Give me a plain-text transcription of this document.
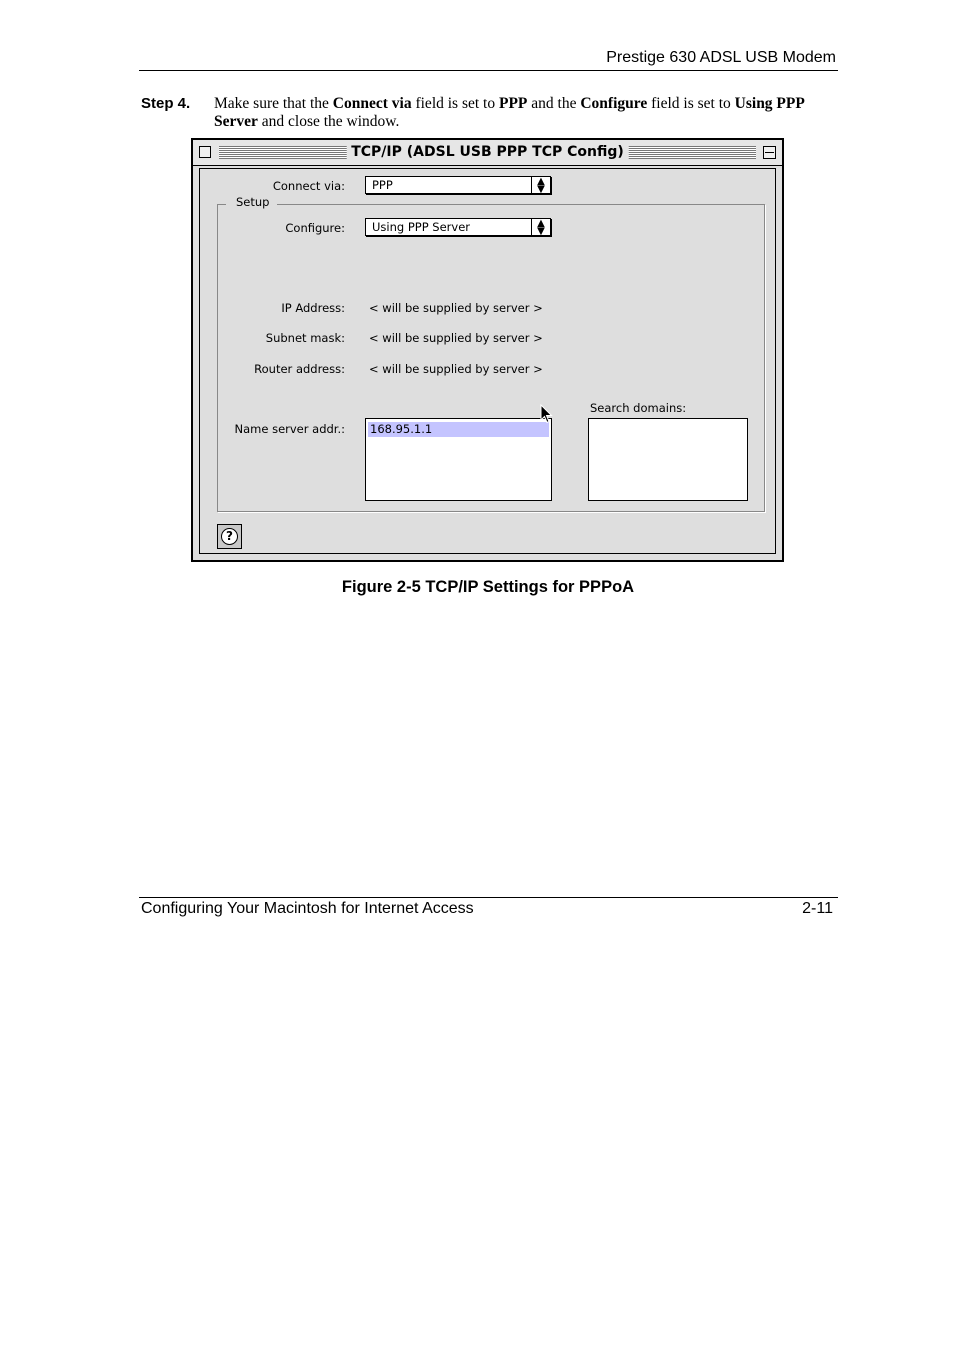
Prestige 630 ADSL USB Modem
Step 4. Make sure that the Connect via field is set to PPP and the Configure field is set to Using PPP Server and close the window.
TCP/IP (ADSL USB PPP TCP Config)
Connect via: PPP	▲
▼
Setup
Configure: Using PPP Server	▲
▼
IP Address: < will be supplied by server >
Subnet mask: < will be supplied by server >
Router address: < will be supplied by server >
Name server addr.: 168.95.1.1
Search domains:
?
Figure 2-5 TCP/IP Settings for PPPoA
Configuring Your Macintosh for Internet Access	2-11
